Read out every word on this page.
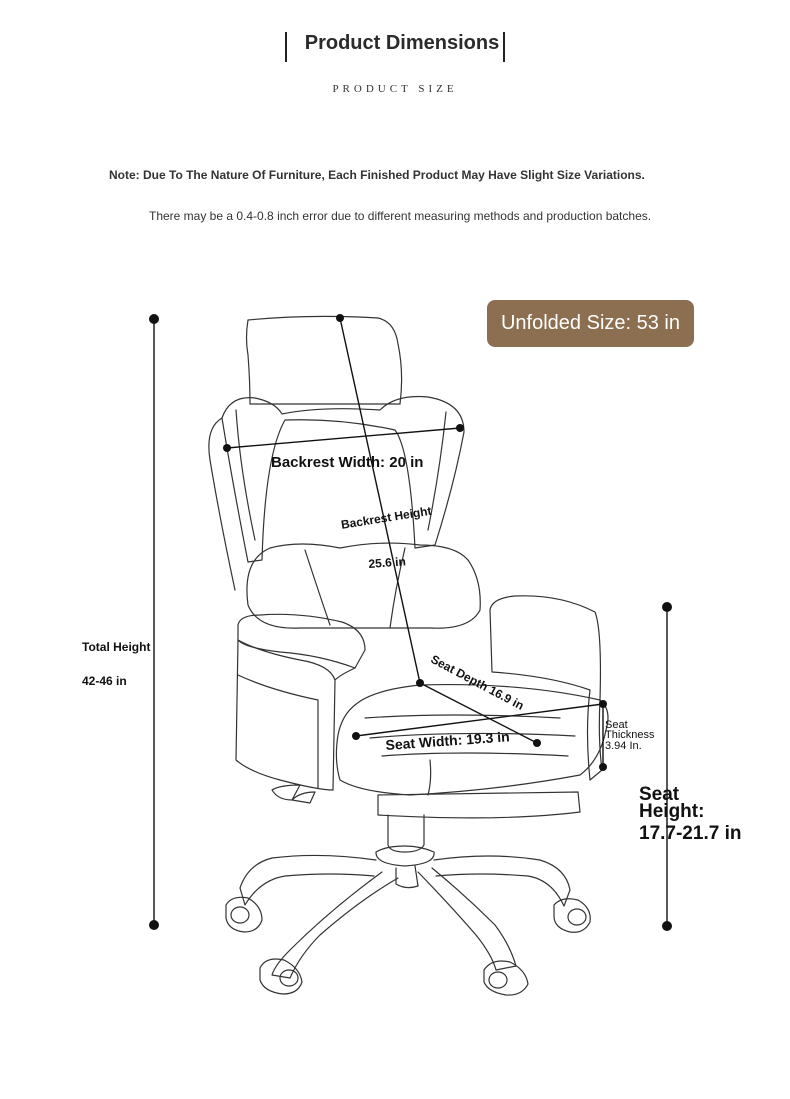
Product Dimensions
PRODUCT SIZE
Note: Due To The Nature Of Furniture, Each Finished Product May Have Slight Size Variations.
There may be a 0.4-0.8 inch error due to different measuring methods and production batches.
Unfolded Size: 53 in
Total Height
42-46 in
Backrest Width: 20 in
Backrest Height
25.6 in
Seat Depth 16.9 in
Seat Width: 19.3 in
Seat
Thickness
3.94 In.
Seat
Height:
17.7-21.7 in
